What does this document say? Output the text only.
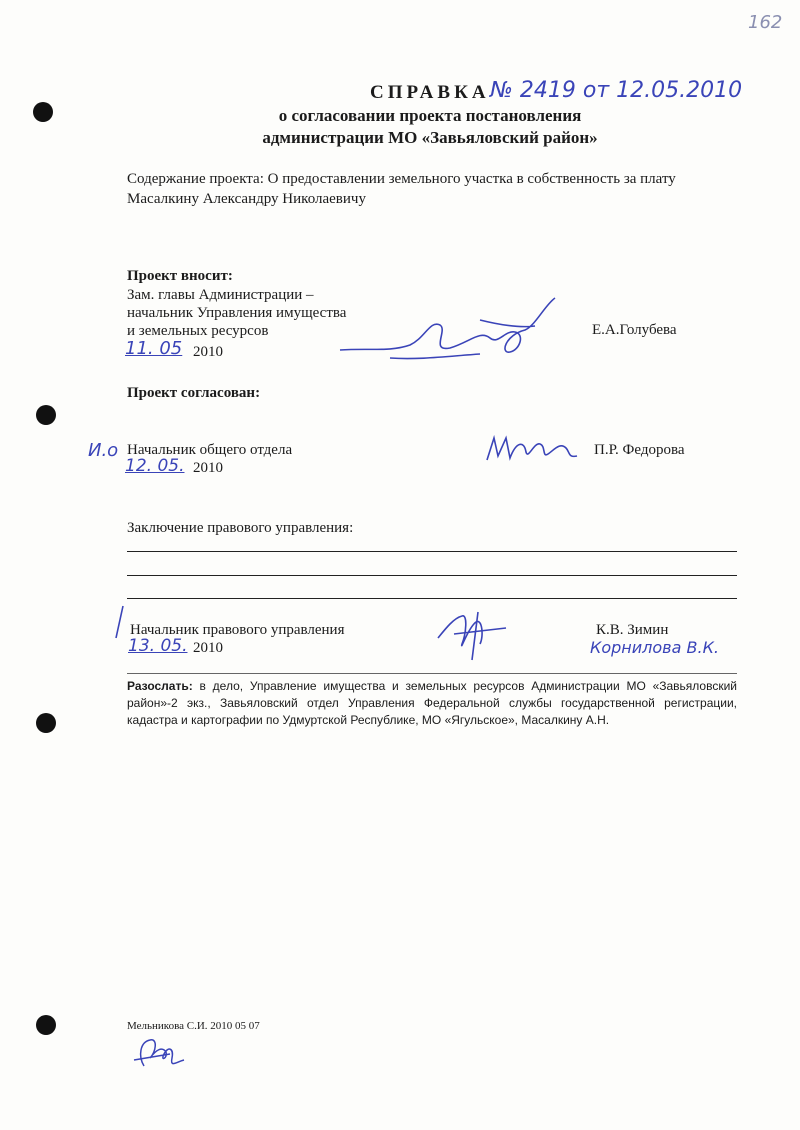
162
СПРАВКА № 2419 от 12.05.2010
о согласовании проекта постановления
администрации МО «Завьяловский район»
Содержание проекта: О предоставлении земельного участка в собственность за плату
Масалкину Александру Николаевичу
Проект вносит:
Зам. главы Администрации –
начальник Управления имущества
и земельных ресурсов
11. 05 2010
Е.А.Голубева
Проект согласован:
И.о Начальник общего отдела
12. 05. 2010
П.Р. Федорова
Заключение правового управления:
Начальник правового управления
13. 05. 2010
К.В. Зимин
Корнилова В.К.
Разослать: в дело, Управление имущества и земельных ресурсов Администрации МО «Завьяловский район»-2 экз., Завьяловский отдел Управления Федеральной службы государственной регистрации, кадастра и картографии по Удмуртской Республике, МО «Ягульское», Масалкину А.Н.
Мельникова С.И. 2010 05 07
